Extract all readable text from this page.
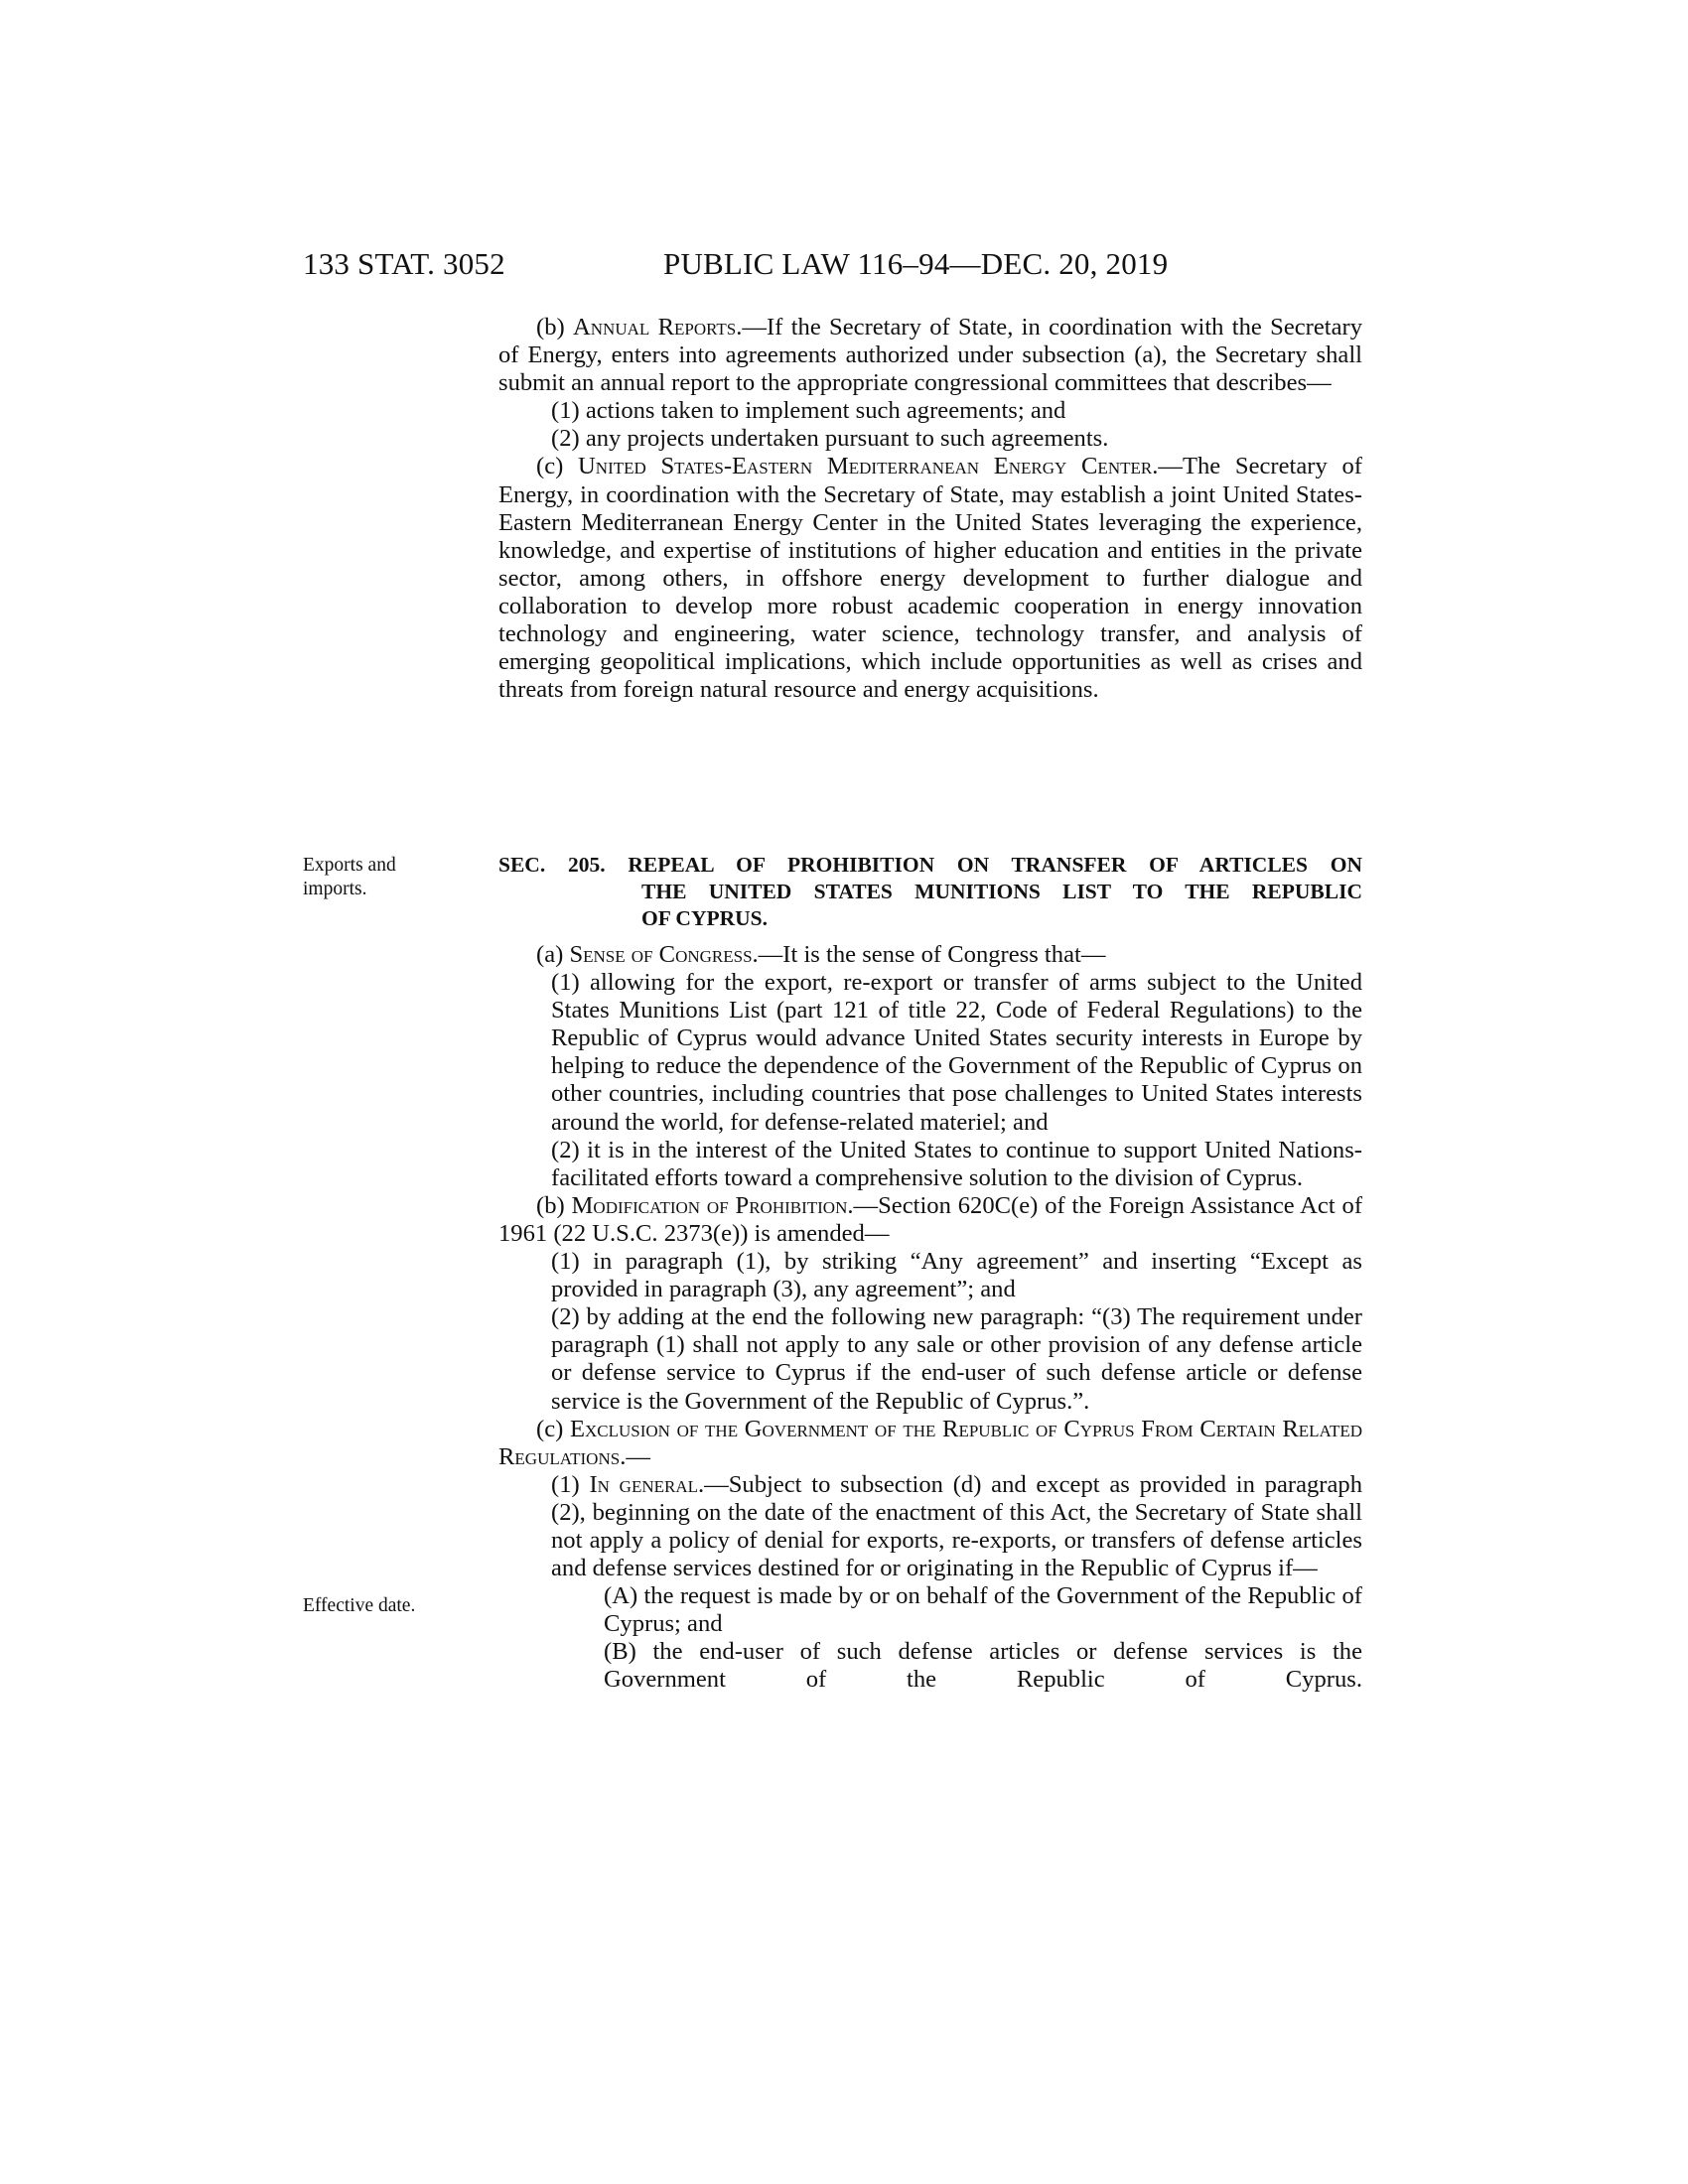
133 STAT. 3052	PUBLIC LAW 116–94—DEC. 20, 2019

(b) Annual Reports.—If the Secretary of State, in coordination with the Secretary of Energy, enters into agreements authorized under subsection (a), the Secretary shall submit an annual report to the appropriate congressional committees that describes—

(1) actions taken to implement such agreements; and

(2) any projects undertaken pursuant to such agreements.

(c) United States-Eastern Mediterranean Energy Center.—The Secretary of Energy, in coordination with the Secretary of State, may establish a joint United States-Eastern Mediterranean Energy Center in the United States leveraging the experience, knowledge, and expertise of institutions of higher education and entities in the private sector, among others, in offshore energy development to further dialogue and collaboration to develop more robust academic cooperation in energy innovation technology and engineering, water science, technology transfer, and analysis of emerging geopolitical implications, which include opportunities as well as crises and threats from foreign natural resource and energy acquisitions.

Exports and imports.

SEC. 205. REPEAL OF PROHIBITION ON TRANSFER OF ARTICLES ON

THE UNITED STATES MUNITIONS LIST TO THE REPUBLIC

OF CYPRUS.

(a) Sense of Congress.—It is the sense of Congress that—

(1) allowing for the export, re-export or transfer of arms subject to the United States Munitions List (part 121 of title 22, Code of Federal Regulations) to the Republic of Cyprus would advance United States security interests in Europe by helping to reduce the dependence of the Government of the Republic of Cyprus on other countries, including countries that pose challenges to United States interests around the world, for defense-related materiel; and

(2) it is in the interest of the United States to continue to support United Nations-facilitated efforts toward a comprehensive solution to the division of Cyprus.

(b) Modification of Prohibition.—Section 620C(e) of the Foreign Assistance Act of 1961 (22 U.S.C. 2373(e)) is amended—

(1) in paragraph (1), by striking “Any agreement” and inserting “Except as provided in paragraph (3), any agreement”; and

(2) by adding at the end the following new paragraph: “(3) The requirement under paragraph (1) shall not apply to any sale or other provision of any defense article or defense service to Cyprus if the end-user of such defense article or defense service is the Government of the Republic of Cyprus.”.

(c) Exclusion of the Government of the Republic of Cyprus From Certain Related Regulations.—

(1) In general.—Subject to subsection (d) and except as provided in paragraph (2), beginning on the date of the enactment of this Act, the Secretary of State shall not apply a policy of denial for exports, re-exports, or transfers of defense articles and defense services destined for or originating in the Republic of Cyprus if—

(A) the request is made by or on behalf of the Government of the Republic of Cyprus; and

(B) the end-user of such defense articles or defense services is the Government of the Republic of Cyprus.

Effective date.
